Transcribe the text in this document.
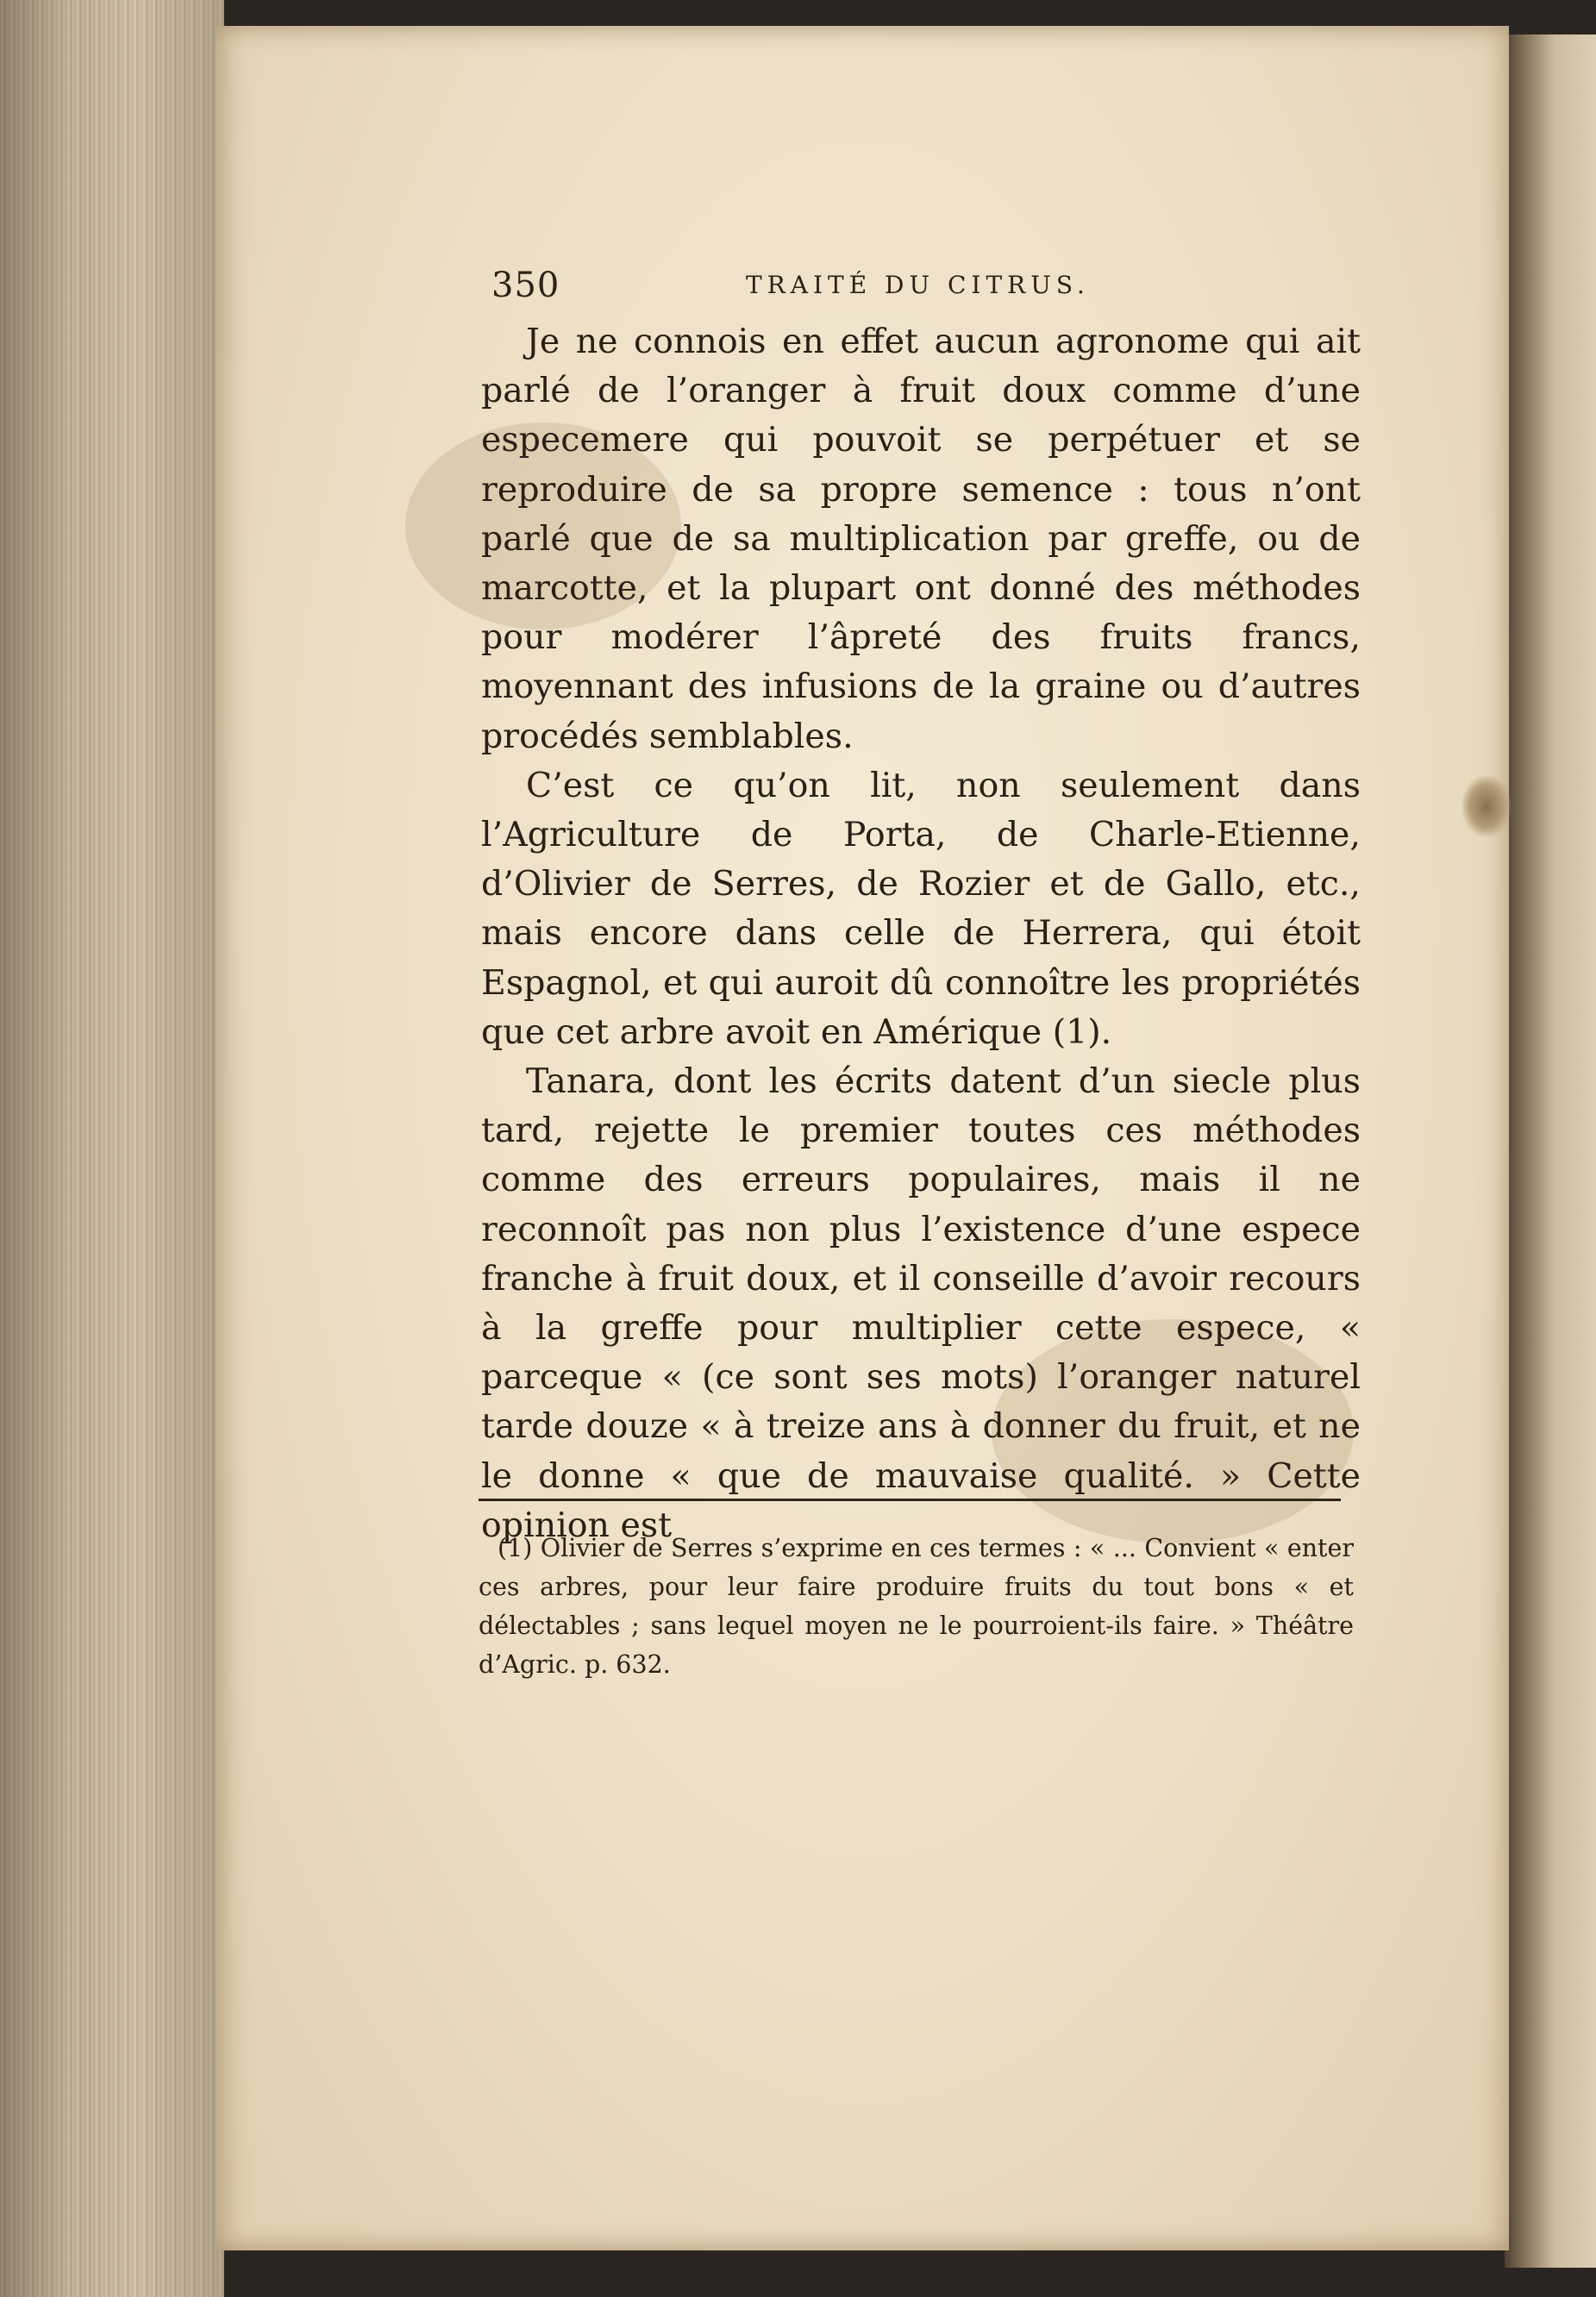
350	TRAITÉ DU CITRUS.

Je ne connois en effet aucun agronome qui ait parlé de l’oranger à fruit doux comme d’une especemere qui pouvoit se perpétuer et se reproduire de sa propre semence : tous n’ont parlé que de sa multiplication par greffe, ou de marcotte, et la plupart ont donné des méthodes pour modérer l’âpreté des fruits francs, moyennant des infusions de la graine ou d’autres procédés semblables.

C’est ce qu’on lit, non seulement dans l’Agriculture de Porta, de Charle-Etienne, d’Olivier de Serres, de Rozier et de Gallo, etc., mais encore dans celle de Herrera, qui étoit Espagnol, et qui auroit dû connoître les propriétés que cet arbre avoit en Amérique (1).

Tanara, dont les écrits datent d’un siecle plus tard, rejette le premier toutes ces méthodes comme des erreurs populaires, mais il ne reconnoît pas non plus l’existence d’une espece franche à fruit doux, et il conseille d’avoir recours à la greffe pour multiplier cette espece, « parceque « (ce sont ses mots) l’oranger naturel tarde douze « à treize ans à donner du fruit, et ne le donne « que de mauvaise qualité. » Cette opinion est

(1) Olivier de Serres s’exprime en ces termes : « ... Convient « enter ces arbres, pour leur faire produire fruits du tout bons « et délectables ; sans lequel moyen ne le pourroient-ils faire. » Théâtre d’Agric. p. 632.
